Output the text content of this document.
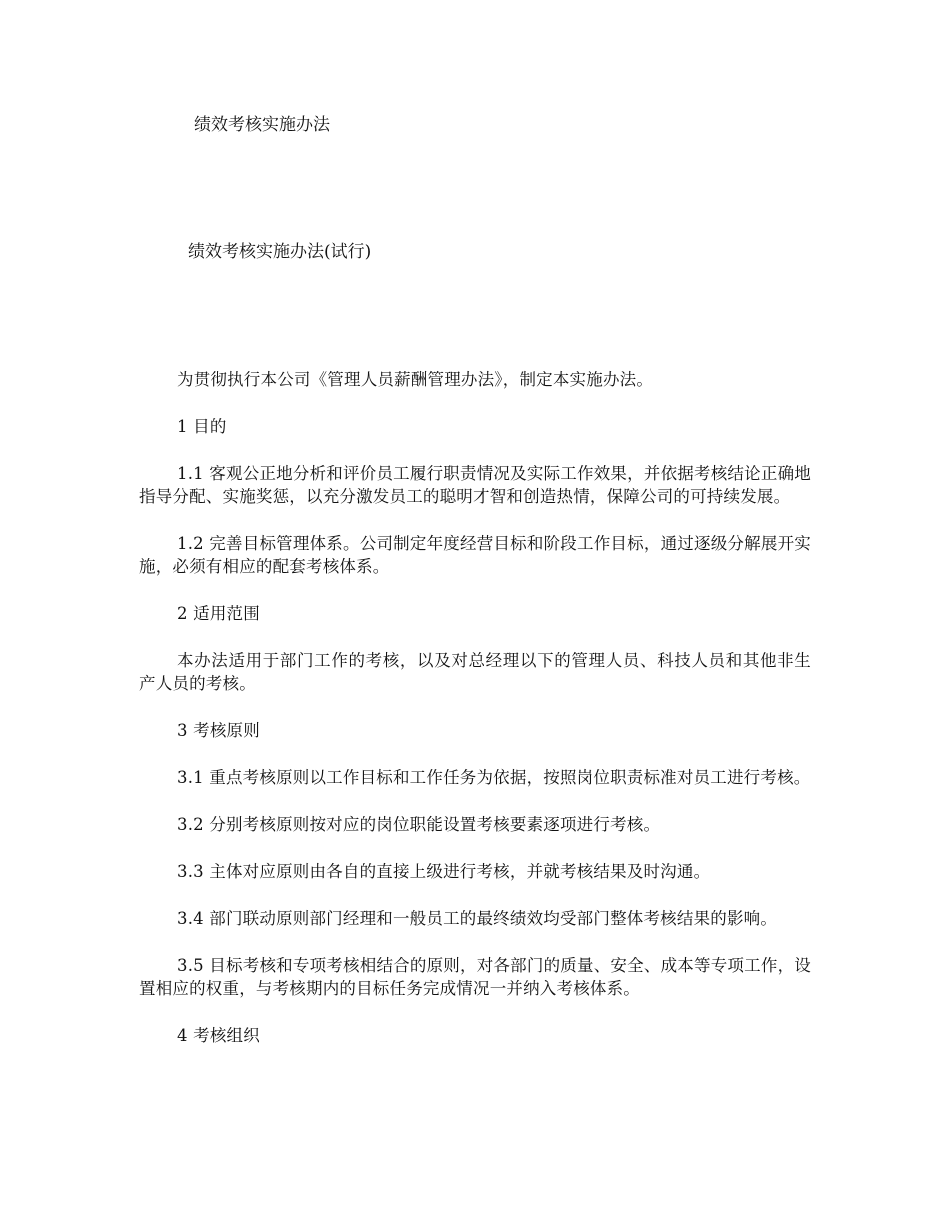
绩效考核实施办法
绩效考核实施办法(试行)

为贯彻执行本公司《管理人员薪酬管理办法》，制定本实施办法。

1 目的

1.1 客观公正地分析和评价员工履行职责情况及实际工作效果，并依据考核结论正确地指导分配、实施奖惩，以充分激发员工的聪明才智和创造热情，保障公司的可持续发展。

1.2 完善目标管理体系。公司制定年度经营目标和阶段工作目标，通过逐级分解展开实施，必须有相应的配套考核体系。

2 适用范围

本办法适用于部门工作的考核，以及对总经理以下的管理人员、科技人员和其他非生产人员的考核。

3 考核原则

3.1 重点考核原则以工作目标和工作任务为依据，按照岗位职责标准对员工进行考核。

3.2 分别考核原则按对应的岗位职能设置考核要素逐项进行考核。

3.3 主体对应原则由各自的直接上级进行考核，并就考核结果及时沟通。

3.4 部门联动原则部门经理和一般员工的最终绩效均受部门整体考核结果的影响。

3.5 目标考核和专项考核相结合的原则，对各部门的质量、安全、成本等专项工作，设置相应的权重，与考核期内的目标任务完成情况一并纳入考核体系。

4 考核组织
